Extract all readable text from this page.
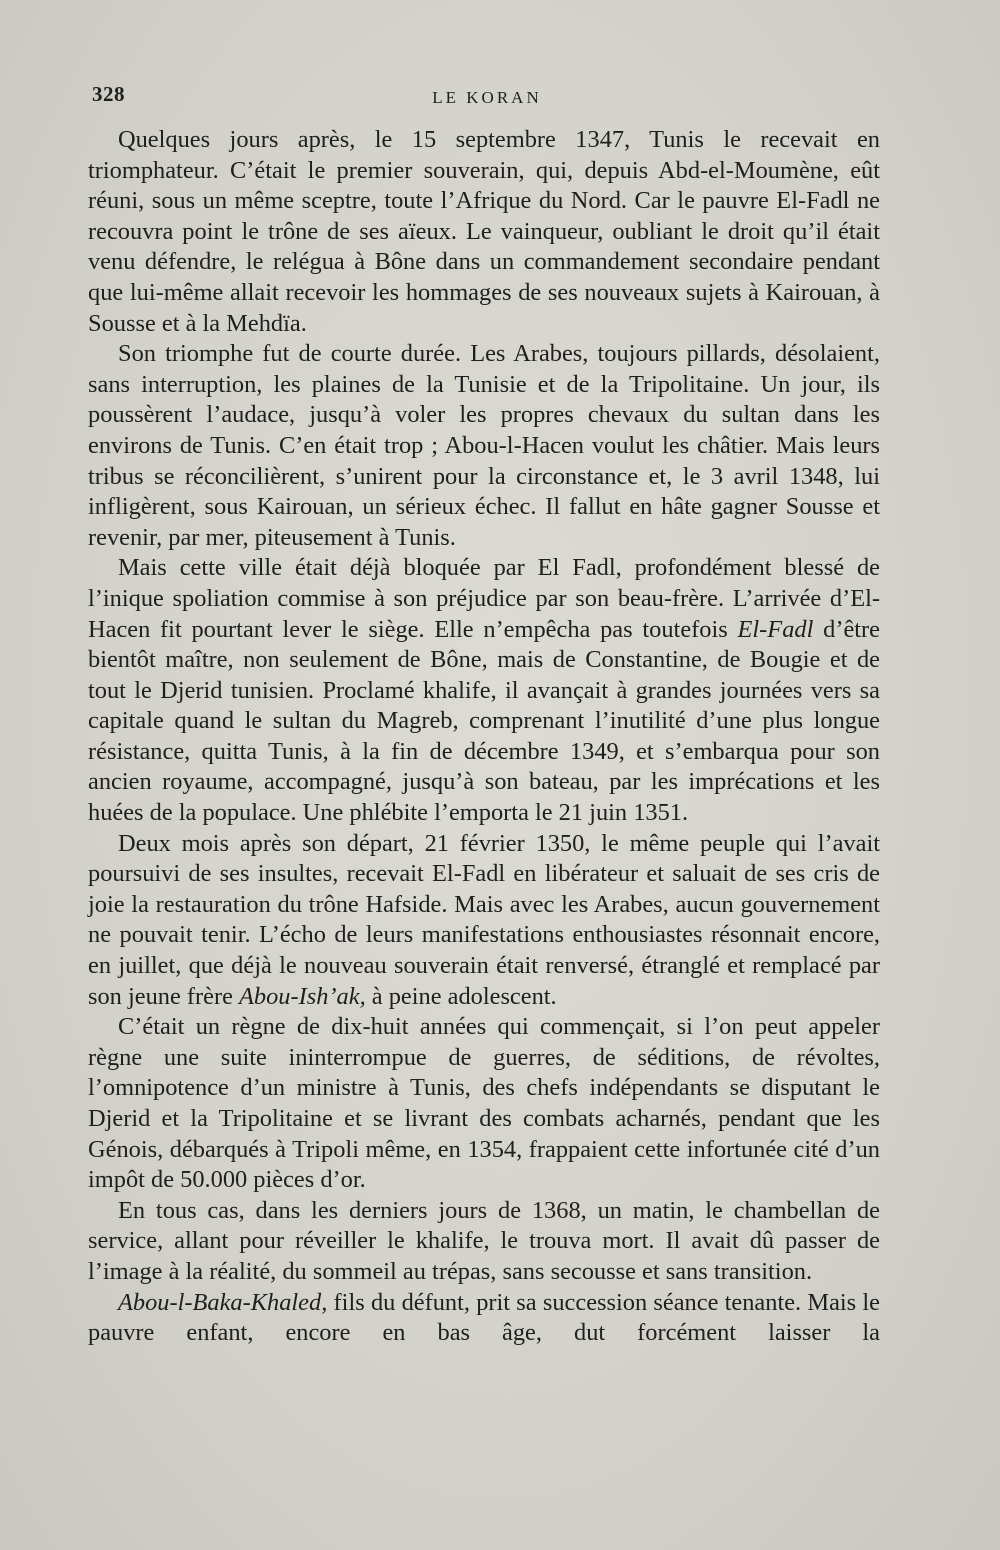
328	LE KORAN

Quelques jours après, le 15 septembre 1347, Tunis le recevait en triomphateur. C’était le premier souverain, qui, depuis Abd-el-Moumène, eût réuni, sous un même sceptre, toute l’Afrique du Nord. Car le pauvre El-Fadl ne recouvra point le trône de ses aïeux. Le vainqueur, oubliant le droit qu’il était venu défendre, le relégua à Bône dans un commandement secondaire pendant que lui-même allait recevoir les hommages de ses nouveaux sujets à Kairouan, à Sousse et à la Mehdïa.

Son triomphe fut de courte durée. Les Arabes, toujours pillards, désolaient, sans interruption, les plaines de la Tunisie et de la Tripolitaine. Un jour, ils poussèrent l’audace, jusqu’à voler les propres chevaux du sultan dans les environs de Tunis. C’en était trop ; Abou-l-Hacen voulut les châtier. Mais leurs tribus se réconcilièrent, s’unirent pour la circonstance et, le 3 avril 1348, lui infligèrent, sous Kairouan, un sérieux échec. Il fallut en hâte gagner Sousse et revenir, par mer, piteusement à Tunis.

Mais cette ville était déjà bloquée par El Fadl, profondément blessé de l’inique spoliation commise à son préjudice par son beau-frère. L’arrivée d’El-Hacen fit pourtant lever le siège. Elle n’empêcha pas toutefois El-Fadl d’être bientôt maître, non seulement de Bône, mais de Constantine, de Bougie et de tout le Djerid tunisien. Proclamé khalife, il avançait à grandes journées vers sa capitale quand le sultan du Magreb, comprenant l’inutilité d’une plus longue résistance, quitta Tunis, à la fin de décembre 1349, et s’embarqua pour son ancien royaume, accompagné, jusqu’à son bateau, par les imprécations et les huées de la populace. Une phlébite l’emporta le 21 juin 1351.

Deux mois après son départ, 21 février 1350, le même peuple qui l’avait poursuivi de ses insultes, recevait El-Fadl en libérateur et saluait de ses cris de joie la restauration du trône Hafside. Mais avec les Arabes, aucun gouvernement ne pouvait tenir. L’écho de leurs manifestations enthousiastes résonnait encore, en juillet, que déjà le nouveau souverain était renversé, étranglé et remplacé par son jeune frère Abou-Ish’ak, à peine adolescent.

C’était un règne de dix-huit années qui commençait, si l’on peut appeler règne une suite ininterrompue de guerres, de séditions, de révoltes, l’omnipotence d’un ministre à Tunis, des chefs indépendants se disputant le Djerid et la Tripolitaine et se livrant des combats acharnés, pendant que les Génois, débarqués à Tripoli même, en 1354, frappaient cette infortunée cité d’un impôt de 50.000 pièces d’or.

En tous cas, dans les derniers jours de 1368, un matin, le chambellan de service, allant pour réveiller le khalife, le trouva mort. Il avait dû passer de l’image à la réalité, du sommeil au trépas, sans secousse et sans transition.

Abou-l-Baka-Khaled, fils du défunt, prit sa succession séance tenante. Mais le pauvre enfant, encore en bas âge, dut forcément laisser la
